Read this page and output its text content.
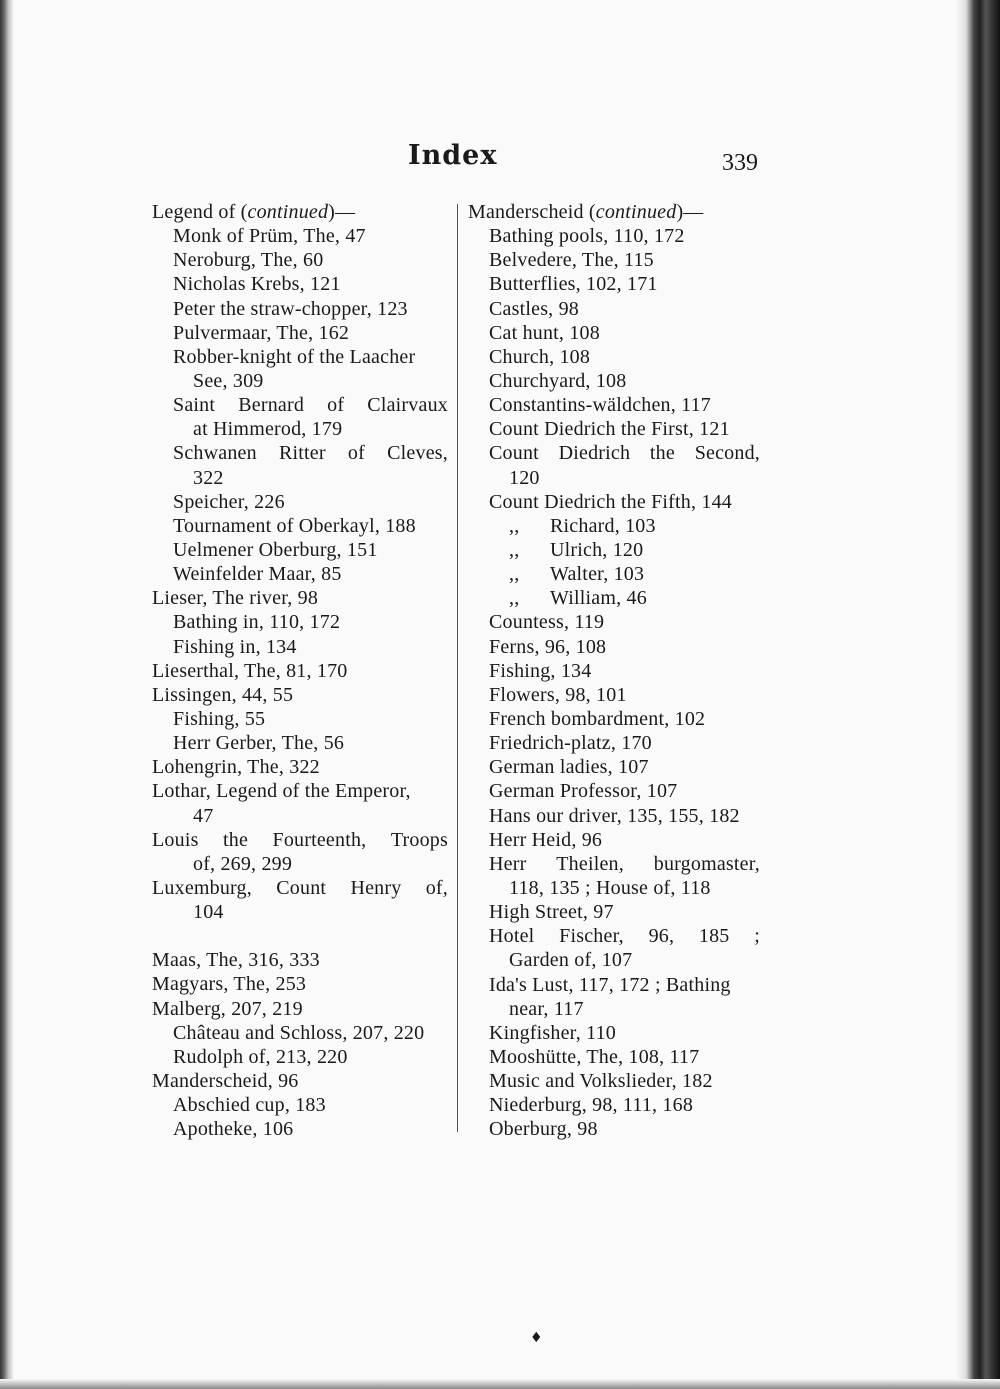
Index	339
Legend of (continued)—
Monk of Prüm, The, 47
Neroburg, The, 60
Nicholas Krebs, 121
Peter the straw-chopper, 123
Pulvermaar, The, 162
Robber-knight of the Laacher
See, 309
Saint Bernard of Clairvaux
at Himmerod, 179
Schwanen Ritter of Cleves,
322
Speicher, 226
Tournament of Oberkayl, 188
Uelmener Oberburg, 151
Weinfelder Maar, 85
Lieser, The river, 98
Bathing in, 110, 172
Fishing in, 134
Lieserthal, The, 81, 170
Lissingen, 44, 55
Fishing, 55
Herr Gerber, The, 56
Lohengrin, The, 322
Lothar, Legend of the Emperor,
47
Louis the Fourteenth, Troops
of, 269, 299
Luxemburg, Count Henry of,
104
Maas, The, 316, 333
Magyars, The, 253
Malberg, 207, 219
Château and Schloss, 207, 220
Rudolph of, 213, 220
Manderscheid, 96
Abschied cup, 183
Apotheke, 106
Manderscheid (continued)—
Bathing pools, 110, 172
Belvedere, The, 115
Butterflies, 102, 171
Castles, 98
Cat hunt, 108
Church, 108
Churchyard, 108
Constantins-wäldchen, 117
Count Diedrich the First, 121
Count Diedrich the Second,
120
Count Diedrich the Fifth, 144
,, Richard, 103
,, Ulrich, 120
,, Walter, 103
,, William, 46
Countess, 119
Ferns, 96, 108
Fishing, 134
Flowers, 98, 101
French bombardment, 102
Friedrich-platz, 170
German ladies, 107
German Professor, 107
Hans our driver, 135, 155, 182
Herr Heid, 96
Herr Theilen, burgomaster,
118, 135 ; House of, 118
High Street, 97
Hotel Fischer, 96, 185 ;
Garden of, 107
Ida's Lust, 117, 172 ; Bathing
near, 117
Kingfisher, 110
Mooshütte, The, 108, 117
Music and Volkslieder, 182
Niederburg, 98, 111, 168
Oberburg, 98
♦
